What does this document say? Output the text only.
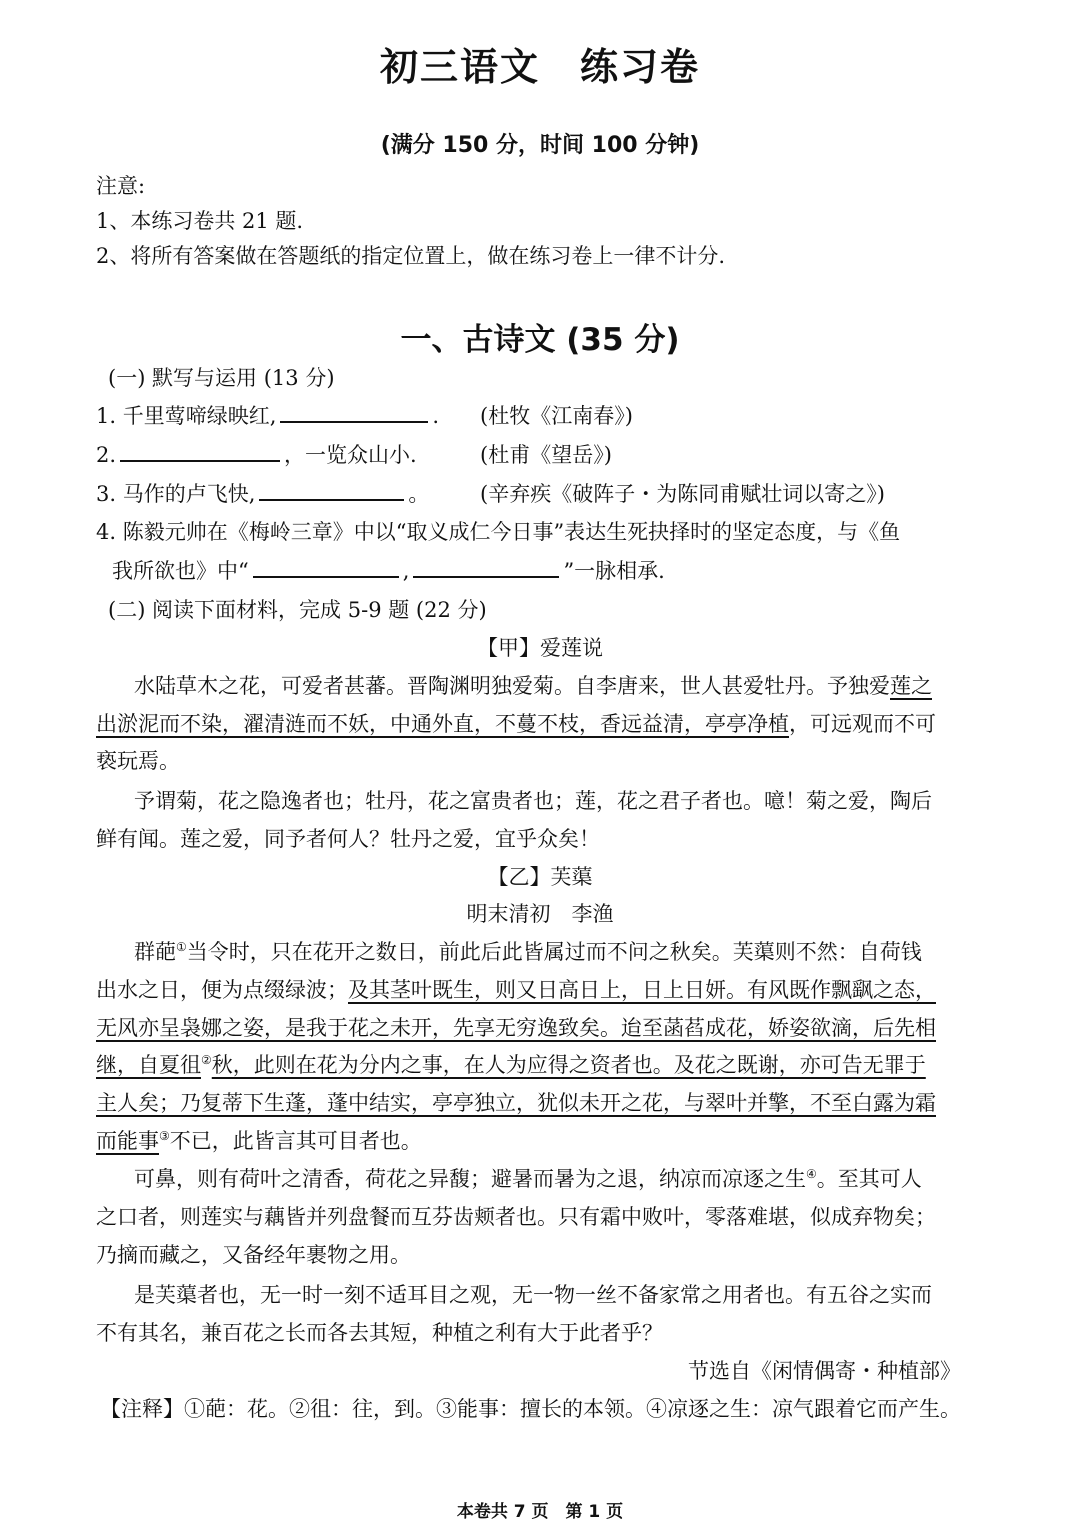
初三语文　练习卷
(满分 150 分，时间 100 分钟)
注意:
1、本练习卷共 21 题.
2、将所有答案做在答题纸的指定位置上，做在练习卷上一律不计分.
一、古诗文 (35 分)
(一) 默写与运用 (13 分)
1. 千里莺啼绿映红,	. (杜牧《江南春》)
2.	，一览众山小.	(杜甫《望岳》)
3. 马作的卢飞快,	。 (辛弃疾《破阵子・为陈同甫赋壮词以寄之》)
4. 陈毅元帅在《梅岭三章》中以“取义成仁今日事”表达生死抉择时的坚定态度，与《鱼
我所欲也》中“	,	”一脉相承.
(二) 阅读下面材料，完成 5-9 题 (22 分)
【甲】爱莲说
水陆草木之花，可爱者甚蕃。晋陶渊明独爱菊。自李唐来，世人甚爱牡丹。予独爱莲之
出淤泥而不染，濯清涟而不妖，中通外直，不蔓不枝，香远益清，亭亭净植，可远观而不可
亵玩焉。
予谓菊，花之隐逸者也；牡丹，花之富贵者也；莲，花之君子者也。噫！菊之爱，陶后
鲜有闻。莲之爱，同予者何人？牡丹之爱，宜乎众矣！
【乙】芙蕖
明末清初　李渔
群葩①当令时，只在花开之数日，前此后此皆属过而不问之秋矣。芙蕖则不然：自荷钱
出水之日，便为点缀绿波；及其茎叶既生，则又日高日上，日上日妍。有风既作飘飖之态，
无风亦呈袅娜之姿，是我于花之未开，先享无穷逸致矣。迨至菡萏成花，娇姿欲滴，后先相
继，自夏徂②秋，此则在花为分内之事，在人为应得之资者也。及花之既谢，亦可告无罪于
主人矣；乃复蒂下生蓬，蓬中结实，亭亭独立，犹似未开之花，与翠叶并擎，不至白露为霜
而能事③不已，此皆言其可目者也。
可鼻，则有荷叶之清香，荷花之异馥；避暑而暑为之退，纳凉而凉逐之生④。至其可人
之口者，则莲实与藕皆并列盘餐而互芬齿颊者也。只有霜中败叶，零落难堪，似成弃物矣；
乃摘而藏之，又备经年裹物之用。
是芙蕖者也，无一时一刻不适耳目之观，无一物一丝不备家常之用者也。有五谷之实而
不有其名，兼百花之长而各去其短，种植之利有大于此者乎？
节选自《闲情偶寄・种植部》
【注释】①葩：花。②徂：往，到。③能事：擅长的本领。④凉逐之生：凉气跟着它而产生。
本卷共 7 页　第 1 页
